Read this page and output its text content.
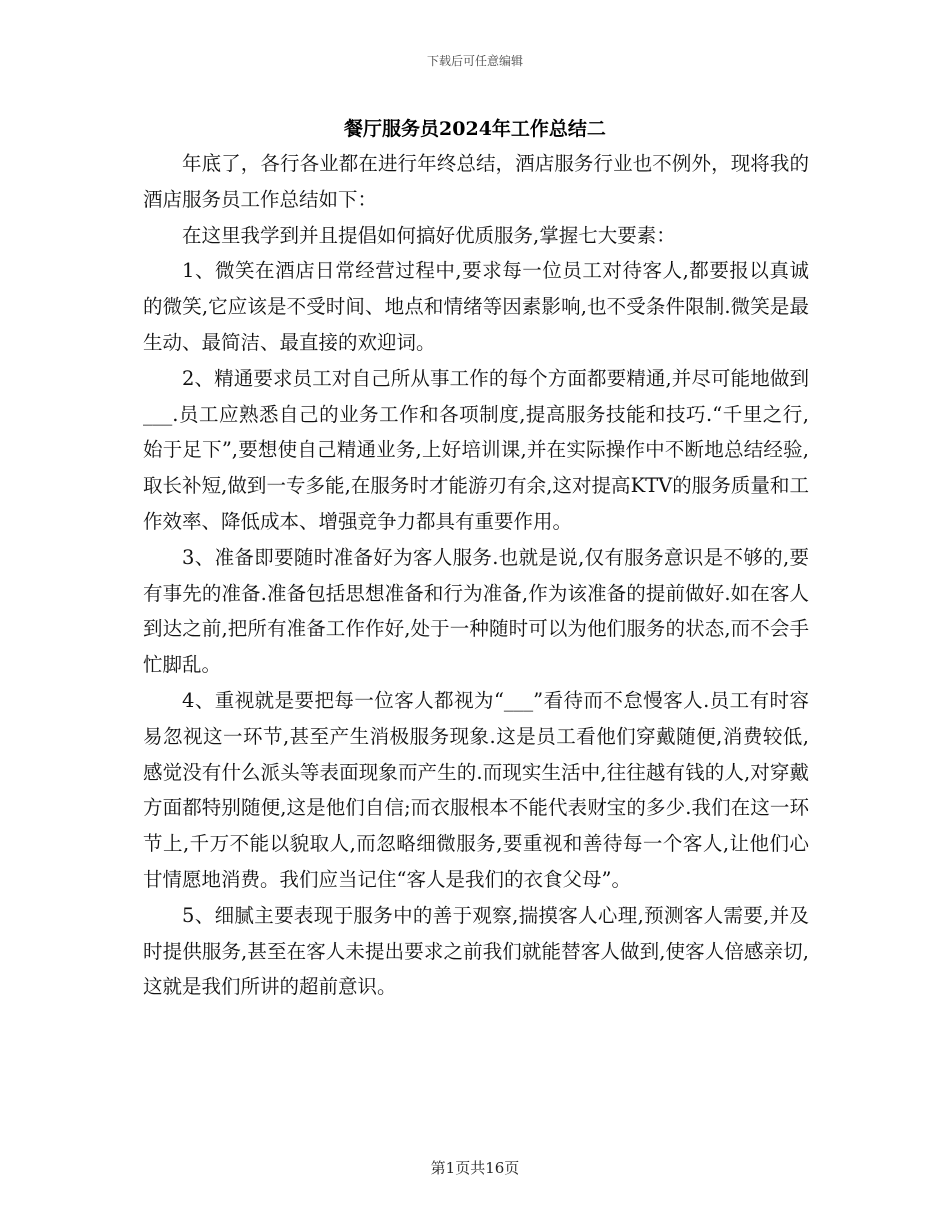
下载后可任意编辑
餐厅服务员2024年工作总结二

年底了，各行各业都在进行年终总结，酒店服务行业也不例外，现将我的酒店服务员工作总结如下：

在这里我学到并且提倡如何搞好优质服务,掌握七大要素：

1、微笑在酒店日常经营过程中,要求每一位员工对待客人,都要报以真诚的微笑,它应该是不受时间、地点和情绪等因素影响,也不受条件限制.微笑是最生动、最简洁、最直接的欢迎词。

2、精通要求员工对自己所从事工作的每个方面都要精通,并尽可能地做到___.员工应熟悉自己的业务工作和各项制度,提高服务技能和技巧.“千里之行,始于足下”,要想使自己精通业务,上好培训课,并在实际操作中不断地总结经验,取长补短,做到一专多能,在服务时才能游刃有余,这对提高KTV的服务质量和工作效率、降低成本、增强竞争力都具有重要作用。

3、准备即要随时准备好为客人服务.也就是说,仅有服务意识是不够的,要有事先的准备.准备包括思想准备和行为准备,作为该准备的提前做好.如在客人到达之前,把所有准备工作作好,处于一种随时可以为他们服务的状态,而不会手忙脚乱。

4、重视就是要把每一位客人都视为“___”看待而不怠慢客人.员工有时容易忽视这一环节,甚至产生消极服务现象.这是员工看他们穿戴随便,消费较低,感觉没有什么派头等表面现象而产生的.而现实生活中,往往越有钱的人,对穿戴方面都特别随便,这是他们自信;而衣服根本不能代表财宝的多少.我们在这一环节上,千万不能以貌取人,而忽略细微服务,要重视和善待每一个客人,让他们心甘情愿地消费。我们应当记住“客人是我们的衣食父母”。

5、细腻主要表现于服务中的善于观察,揣摸客人心理,预测客人需要,并及时提供服务,甚至在客人未提出要求之前我们就能替客人做到,使客人倍感亲切,这就是我们所讲的超前意识。

第1页共16页
